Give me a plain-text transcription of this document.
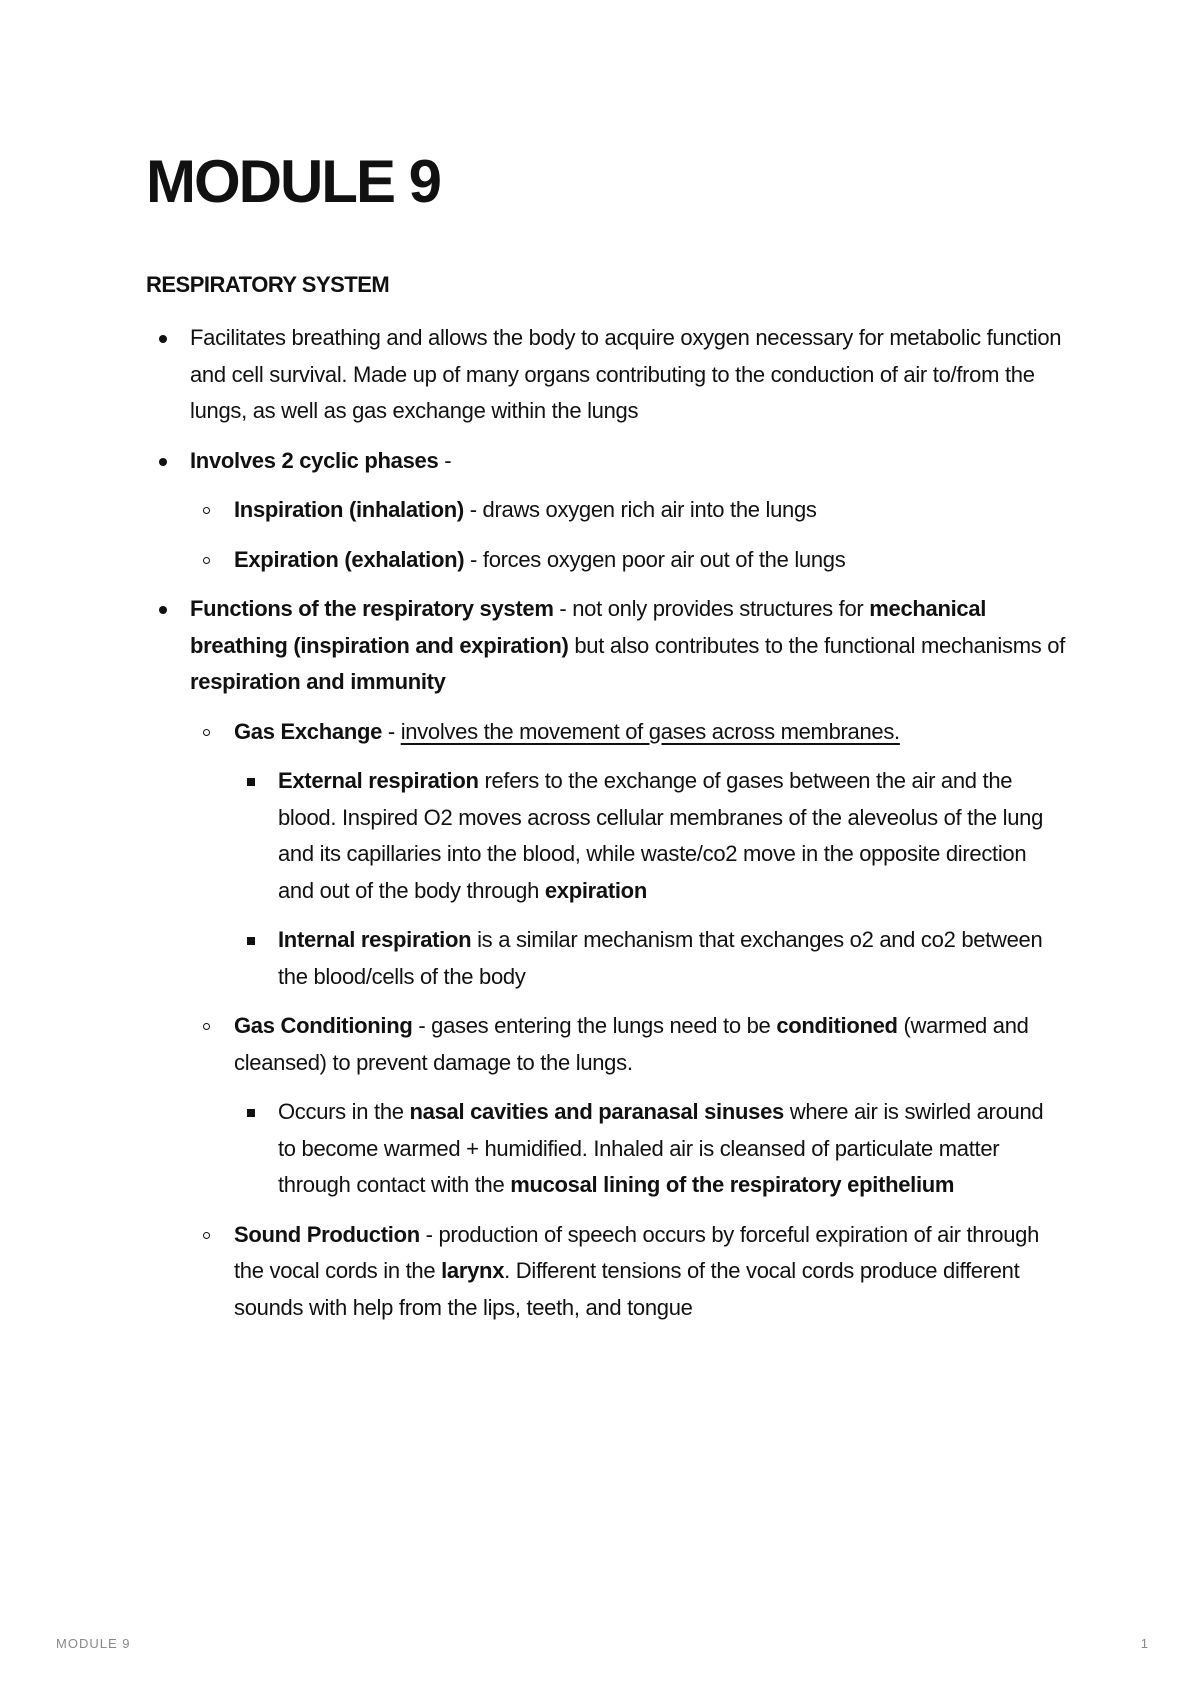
MODULE 9
RESPIRATORY SYSTEM
Facilitates breathing and allows the body to acquire oxygen necessary for metabolic function and cell survival. Made up of many organs contributing to the conduction of air to/from the lungs, as well as gas exchange within the lungs
Involves 2 cyclic phases -
Inspiration (inhalation) - draws oxygen rich air into the lungs
Expiration (exhalation) - forces oxygen poor air out of the lungs
Functions of the respiratory system - not only provides structures for mechanical breathing (inspiration and expiration) but also contributes to the functional mechanisms of respiration and immunity
Gas Exchange - involves the movement of gases across membranes.
External respiration refers to the exchange of gases between the air and the blood. Inspired O2 moves across cellular membranes of the aleveolus of the lung and its capillaries into the blood, while waste/co2 move in the opposite direction and out of the body through expiration
Internal respiration is a similar mechanism that exchanges o2 and co2 between the blood/cells of the body
Gas Conditioning - gases entering the lungs need to be conditioned (warmed and cleansed) to prevent damage to the lungs.
Occurs in the nasal cavities and paranasal sinuses where air is swirled around to become warmed + humidified. Inhaled air is cleansed of particulate matter through contact with the mucosal lining of the respiratory epithelium
Sound Production - production of speech occurs by forceful expiration of air through the vocal cords in the larynx. Different tensions of the vocal cords produce different sounds with help from the lips, teeth, and tongue
MODULE 9	1
